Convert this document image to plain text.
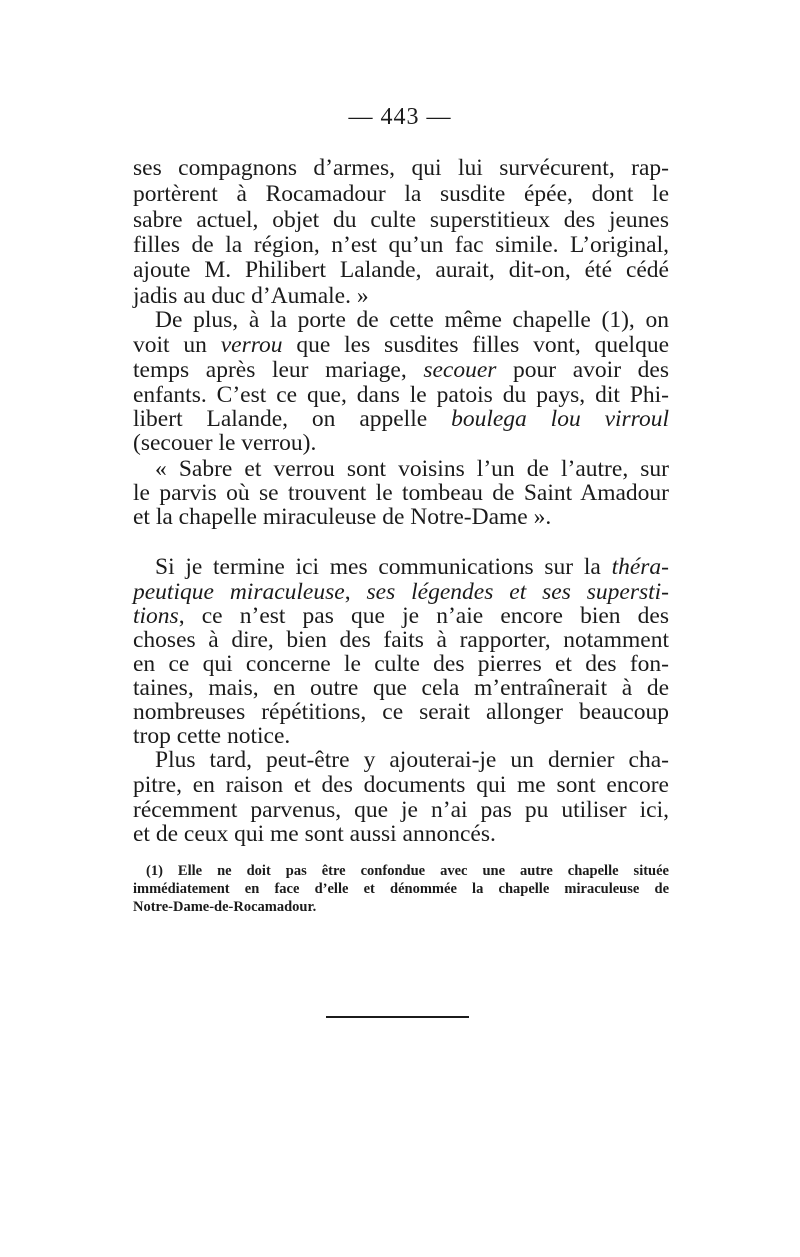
— 443 —
ses compagnons d’armes, qui lui survécurent, rap-
portèrent à Rocamadour la susdite épée, dont le
sabre actuel, objet du culte superstitieux des jeunes
filles de la région, n’est qu’un fac simile. L’original,
ajoute M. Philibert Lalande, aurait, dit-on, été cédé
jadis au duc d’Aumale. »
De plus, à la porte de cette même chapelle (1), on
voit un verrou que les susdites filles vont, quelque
temps après leur mariage, secouer pour avoir des
enfants. C’est ce que, dans le patois du pays, dit Phi-
libert Lalande, on appelle boulega lou virroul
(secouer le verrou).
« Sabre et verrou sont voisins l’un de l’autre, sur
le parvis où se trouvent le tombeau de Saint Amadour
et la chapelle miraculeuse de Notre-Dame ».
Si je termine ici mes communications sur la théra-
peutique miraculeuse, ses légendes et ses supersti-
tions, ce n’est pas que je n’aie encore bien des
choses à dire, bien des faits à rapporter, notamment
en ce qui concerne le culte des pierres et des fon-
taines, mais, en outre que cela m’entraînerait à de
nombreuses répétitions, ce serait allonger beaucoup
trop cette notice.
Plus tard, peut-être y ajouterai-je un dernier cha-
pitre, en raison et des documents qui me sont encore
récemment parvenus, que je n’ai pas pu utiliser ici,
et de ceux qui me sont aussi annoncés.
(1) Elle ne doit pas être confondue avec une autre chapelle située
immédiatement en face d’elle et dénommée la chapelle miraculeuse de
Notre-Dame-de-Rocamadour.
